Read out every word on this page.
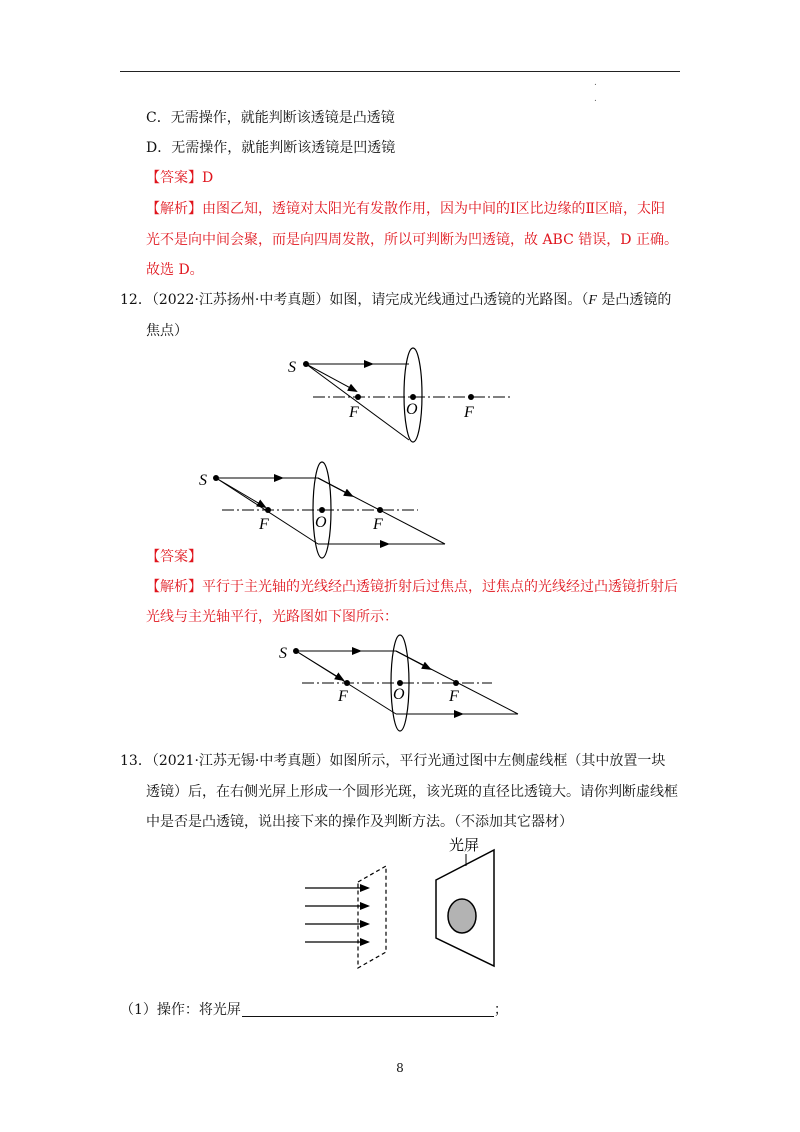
.
.
C．无需操作，就能判断该透镜是凸透镜
D．无需操作，就能判断该透镜是凹透镜
【答案】D
【解析】由图乙知，透镜对太阳光有发散作用，因为中间的Ⅰ区比边缘的Ⅱ区暗，太阳
光不是向中间会聚，而是向四周发散，所以可判断为凹透镜，故 ABC 错误，D 正确。
故选 D。
12．（2022·江苏扬州·中考真题）如图，请完成光线通过凸透镜的光路图。（F 是凸透镜的
焦点）
S
F	O	F
S
F	O	F
【答案】
【解析】平行于主光轴的光线经凸透镜折射后过焦点，过焦点的光线经过凸透镜折射后
光线与主光轴平行，光路图如下图所示：
S
F	O	F
13．（2021·江苏无锡·中考真题）如图所示，平行光通过图中左侧虚线框（其中放置一块
透镜）后，在右侧光屏上形成一个圆形光斑，该光斑的直径比透镜大。请你判断虚线框
中是否是凸透镜，说出接下来的操作及判断方法。（不添加其它器材）
光屏
（1）操作：将光屏	；
8
